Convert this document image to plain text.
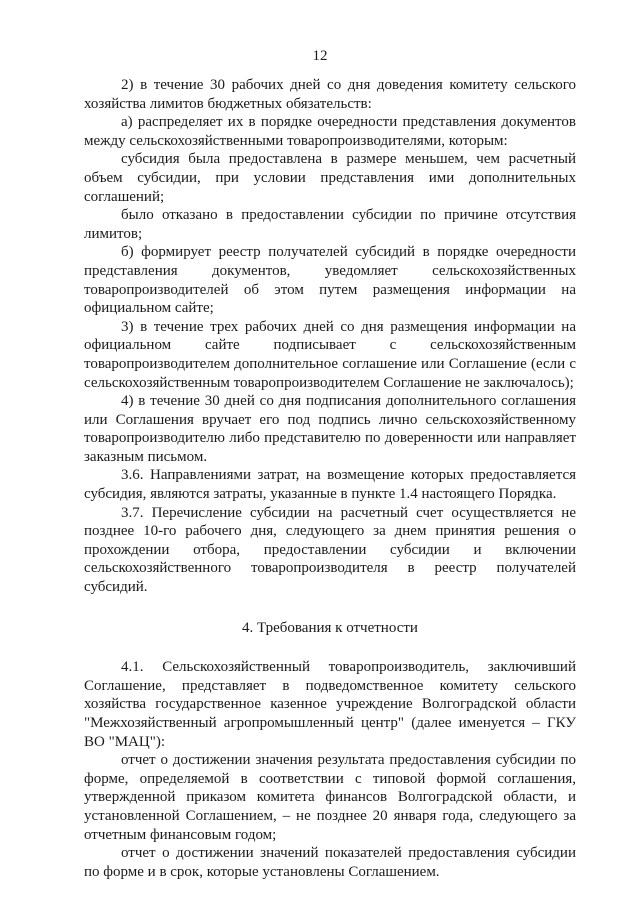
12

2) в течение 30 рабочих дней со дня доведения комитету сельского хозяйства лимитов бюджетных обязательств:

а) распределяет их в порядке очередности представления документов между сельскохозяйственными товаропроизводителями, которым:

субсидия была предоставлена в размере меньшем, чем расчетный объем субсидии, при условии представления ими дополнительных соглашений;

было отказано в предоставлении субсидии по причине отсутствия лимитов;

б) формирует реестр получателей субсидий в порядке очередности представления документов, уведомляет сельскохозяйственных товаропроизводителей об этом путем размещения информации на официальном сайте;

3) в течение трех рабочих дней со дня размещения информации на официальном сайте подписывает с сельскохозяйственным товаропроизводителем дополнительное соглашение или Соглашение (если с сельскохозяйственным товаропроизводителем Соглашение не заключалось);

4) в течение 30 дней со дня подписания дополнительного соглашения или Соглашения вручает его под подпись лично сельскохозяйственному товаропроизводителю либо представителю по доверенности или направляет заказным письмом.

3.6. Направлениями затрат, на возмещение которых предоставляется субсидия, являются затраты, указанные в пункте 1.4 настоящего Порядка.

3.7. Перечисление субсидии на расчетный счет осуществляется не позднее 10-го рабочего дня, следующего за днем принятия решения о прохождении отбора, предоставлении субсидии и включении сельскохозяйственного товаропроизводителя в реестр получателей субсидий.

4. Требования к отчетности

4.1. Сельскохозяйственный товаропроизводитель, заключивший Соглашение, представляет в подведомственное комитету сельского хозяйства государственное казенное учреждение Волгоградской области "Межхозяйственный агропромышленный центр" (далее именуется – ГКУ ВО "МАЦ"):

отчет о достижении значения результата предоставления субсидии по форме, определяемой в соответствии с типовой формой соглашения, утвержденной приказом комитета финансов Волгоградской области, и установленной Соглашением, – не позднее 20 января года, следующего за отчетным финансовым годом;

отчет о достижении значений показателей предоставления субсидии по форме и в срок, которые установлены Соглашением.
